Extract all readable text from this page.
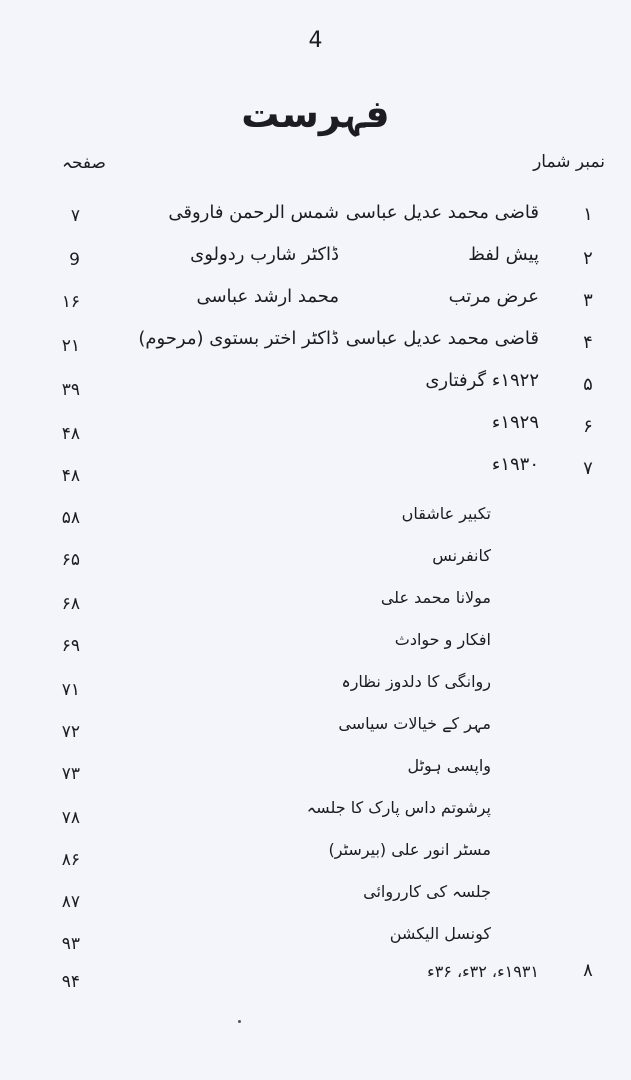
4
فہرست
نمبر شمار
صفحہ
۱
قاضی محمد عدیل عباسی
شمس الرحمن فاروقی
۷
۲
پیش لفظ
ڈاکٹر شارب ردولوی
9
۳
عرض مرتب
محمد ارشد عباسی
۱۶
۴
قاضی محمد عدیل عباسی
ڈاکٹر اختر بستوی (مرحوم)
۲۱
۵
۱۹۲۲ء گرفتاری
۳۹
۶
۱۹۲۹ء
۴۸
۷
۱۹۳۰ء
۴۸
تکبیر عاشقاں
۵۸
کانفرنس
۶۵
مولانا محمد علی
۶۸
افکار و حوادث
۶۹
روانگی کا دلدوز نظارہ
۷۱
مہر کے خیالات سیاسی
۷۲
واپسی ہوٹل
۷۳
پرشوتم داس پارک کا جلسہ
۷۸
مسٹر انور علی (بیرسٹر)
۸۶
جلسہ کی کارروائی
۸۷
کونسل الیکشن
۹۳
۸
۱۹۳۱ء، ۳۲ء، ۳۶ء
۹۴
